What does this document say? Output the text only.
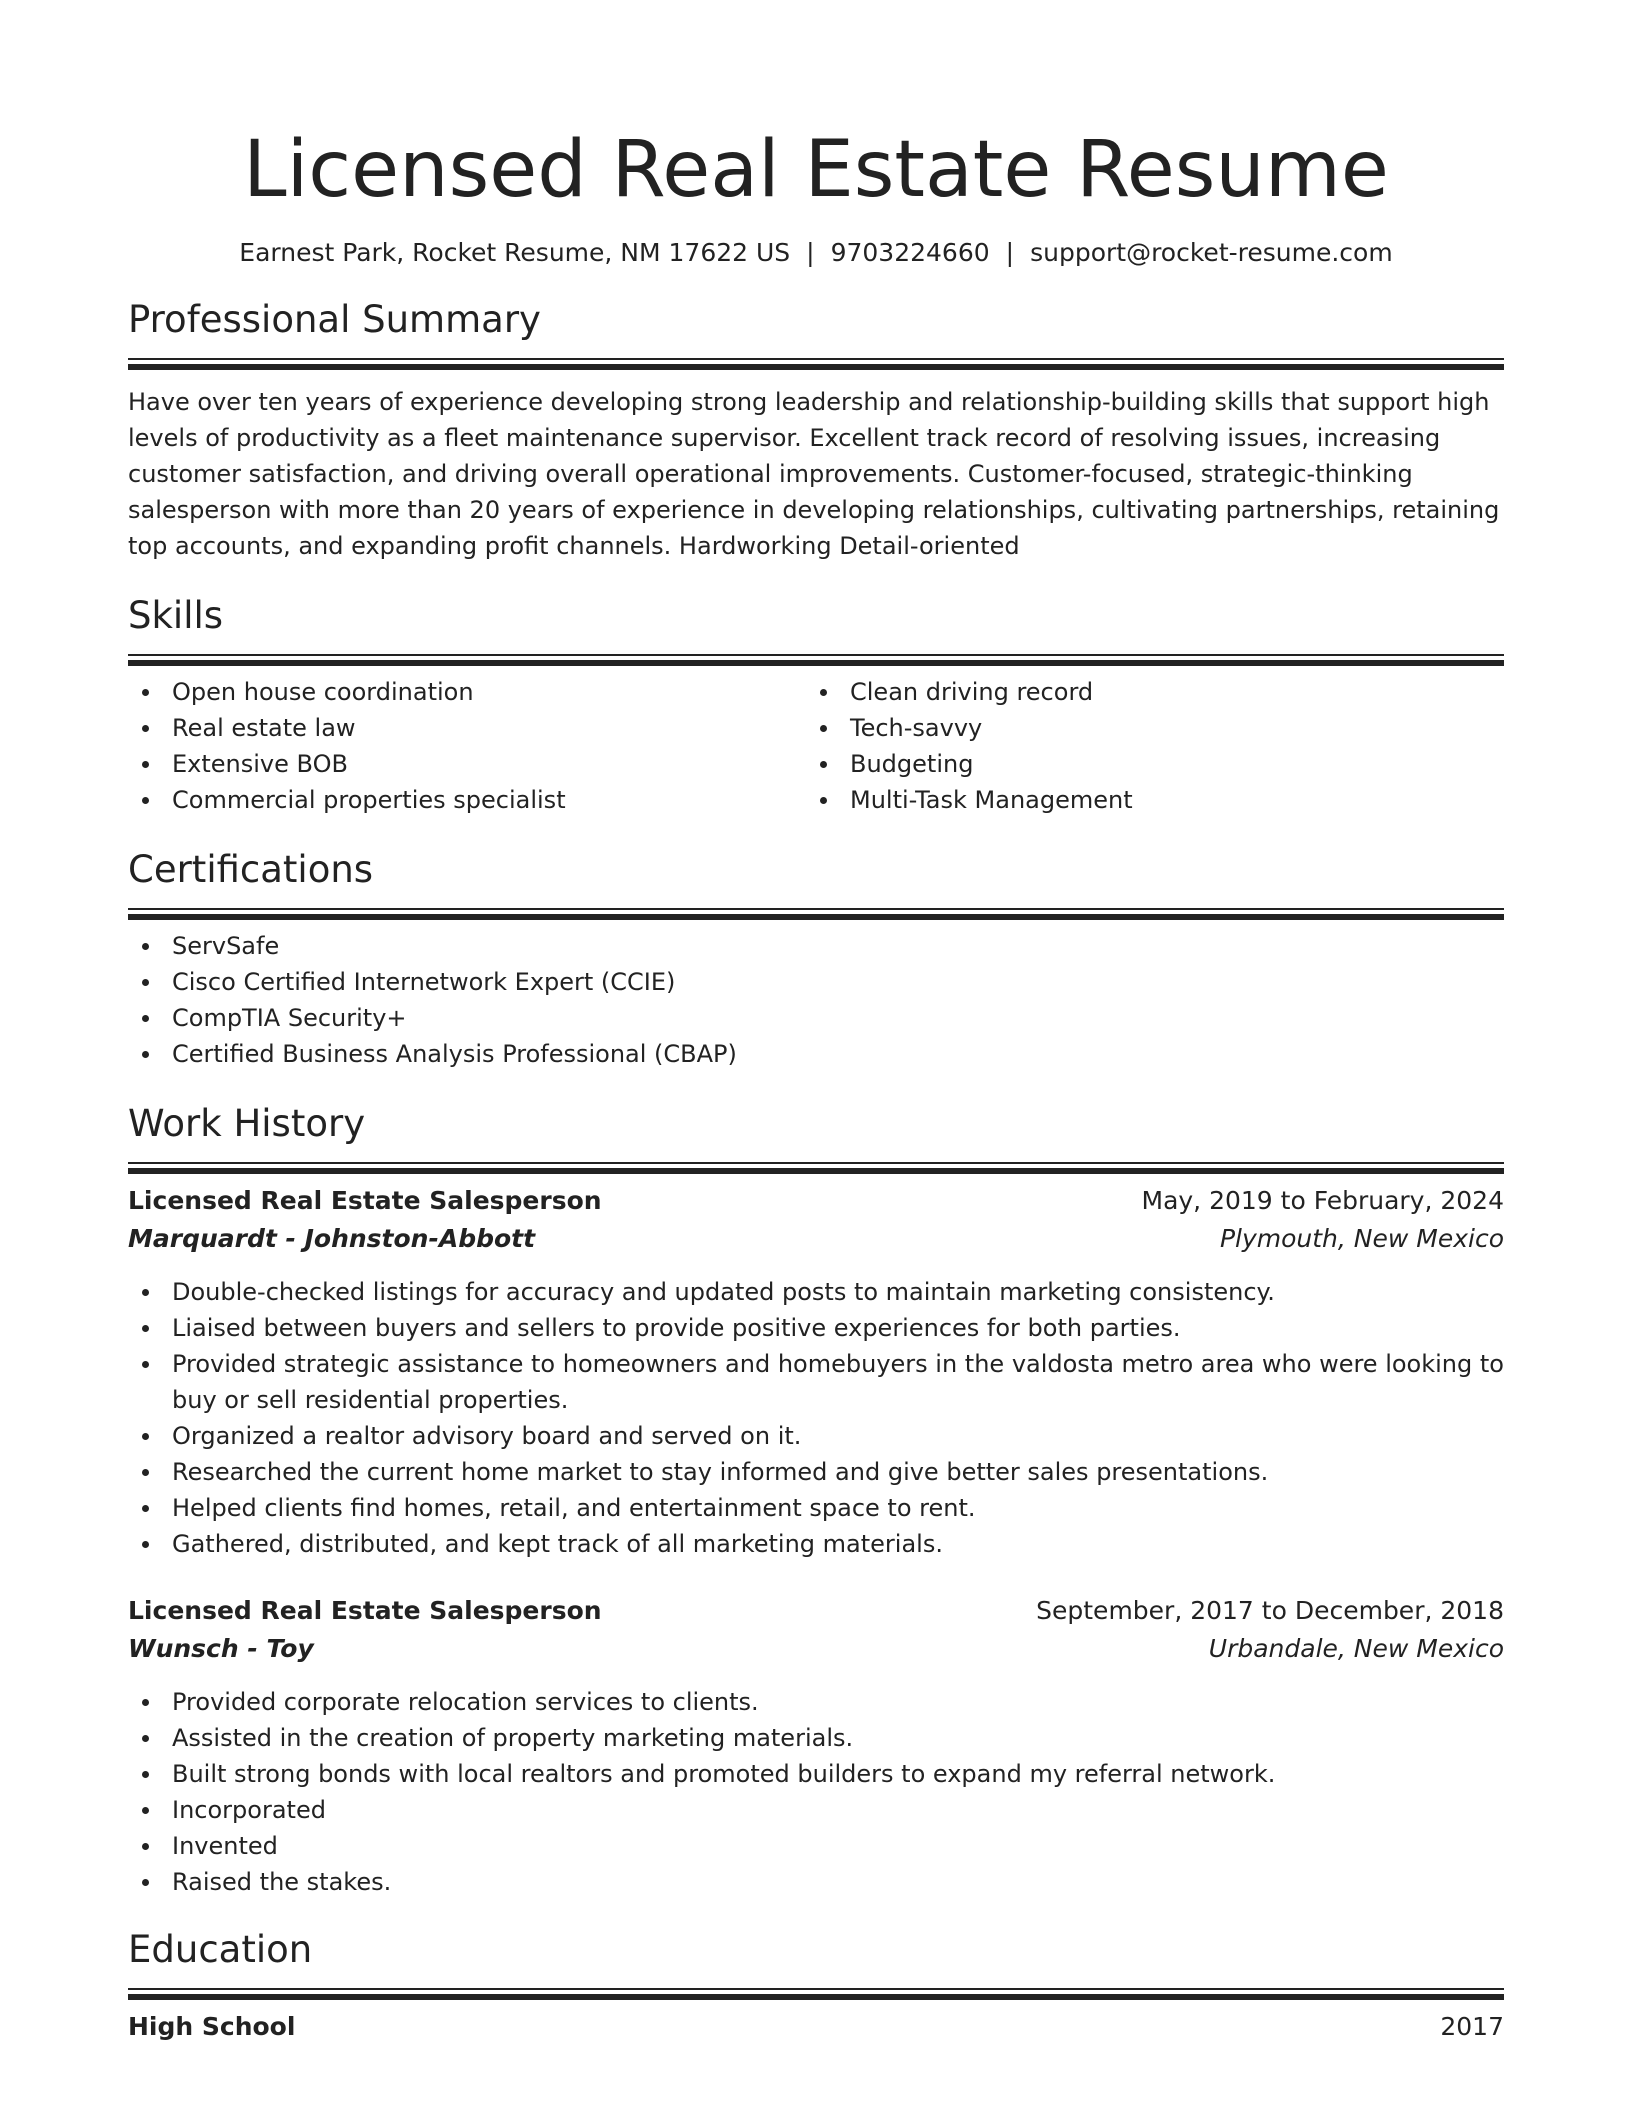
Licensed Real Estate Resume
Earnest Park, Rocket Resume, NM 17622 US | 9703224660 | support@rocket-resume.com
Professional Summary
Have over ten years of experience developing strong leadership and relationship-building skills that support high levels of productivity as a fleet maintenance supervisor. Excellent track record of resolving issues, increasing customer satisfaction, and driving overall operational improvements. Customer-focused, strategic-thinking salesperson with more than 20 years of experience in developing relationships, cultivating partnerships, retaining top accounts, and expanding profit channels. Hardworking Detail-oriented
Skills
Open house coordination
Real estate law
Extensive BOB
Commercial properties specialist
Clean driving record
Tech-savvy
Budgeting
Multi-Task Management
Certifications
ServSafe
Cisco Certified Internetwork Expert (CCIE)
CompTIA Security+
Certified Business Analysis Professional (CBAP)
Work History
Licensed Real Estate Salesperson	May, 2019 to February, 2024
Marquardt - Johnston-Abbott	Plymouth, New Mexico
Double-checked listings for accuracy and updated posts to maintain marketing consistency.
Liaised between buyers and sellers to provide positive experiences for both parties.
Provided strategic assistance to homeowners and homebuyers in the valdosta metro area who were looking to buy or sell residential properties.
Organized a realtor advisory board and served on it.
Researched the current home market to stay informed and give better sales presentations.
Helped clients find homes, retail, and entertainment space to rent.
Gathered, distributed, and kept track of all marketing materials.
Licensed Real Estate Salesperson	September, 2017 to December, 2018
Wunsch - Toy	Urbandale, New Mexico
Provided corporate relocation services to clients.
Assisted in the creation of property marketing materials.
Built strong bonds with local realtors and promoted builders to expand my referral network.
Incorporated
Invented
Raised the stakes.
Education
High School	2017
